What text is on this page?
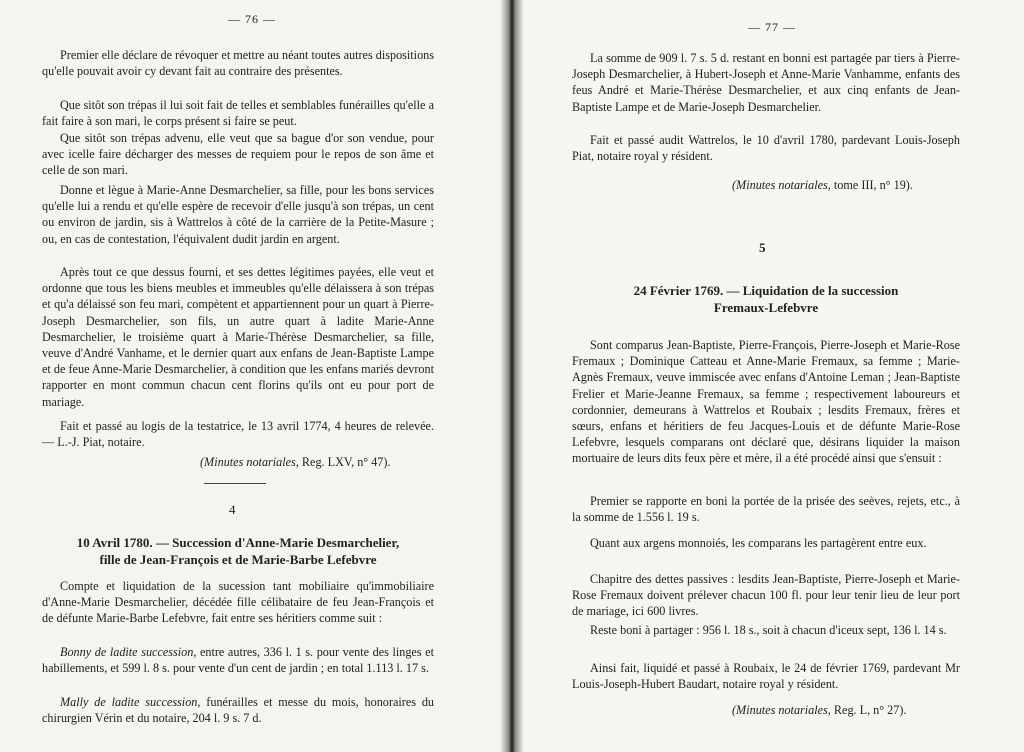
— 76 —

Premier elle déclare de révoquer et mettre au néant toutes autres dispositions qu'elle pouvait avoir cy devant fait au contraire des présentes.

Que sitôt son trépas il lui soit fait de telles et semblables funérailles qu'elle a fait faire à son mari, le corps présent si faire se peut.

Que sitôt son trépas advenu, elle veut que sa bague d'or son vendue, pour avec icelle faire décharger des messes de requiem pour le repos de son âme et celle de son mari.

Donne et lègue à Marie-Anne Desmarchelier, sa fille, pour les bons services qu'elle lui a rendu et qu'elle espère de recevoir d'elle jusqu'à son trépas, un cent ou environ de jardin, sis à Wattrelos à côté de la carrière de la Petite-Masure ; ou, en cas de contestation, l'équivalent dudit jardin en argent.

Après tout ce que dessus fourni, et ses dettes légitimes payées, elle veut et ordonne que tous les biens meubles et immeubles qu'elle délaissera à son trépas et qu'a délaissé son feu mari, compètent et appartiennent pour un quart à Pierre-Joseph Desmarchelier, son fils, un autre quart à ladite Marie-Anne Desmarchelier, le troisième quart à Marie-Thérèse Desmarchelier, sa fille, veuve d'André Vanhame, et le dernier quart aux enfans de Jean-Baptiste Lampe et de feue Anne-Marie Desmarchelier, à condition que les enfans mariés devront rapporter en mont commun chacun cent florins qu'ils ont eu pour port de mariage.

Fait et passé au logis de la testatrice, le 13 avril 1774, 4 heures de relevée. — L.-J. Piat, notaire.

(Minutes notariales, Reg. LXV, n° 47).

4

10 Avril 1780. — Succession d'Anne-Marie Desmarchelier,
fille de Jean-François et de Marie-Barbe Lefebvre

Compte et liquidation de la sucession tant mobiliaire qu'immobiliaire d'Anne-Marie Desmarchelier, décédée fille célibataire de feu Jean-François et de défunte Marie-Barbe Lefebvre, fait entre ses héritiers comme suit :

Bonny de ladite succession, entre autres, 336 l. 1 s. pour vente des linges et habillements, et 599 l. 8 s. pour vente d'un cent de jardin ; en total 1.113 l. 17 s.

Mally de ladite succession, funérailles et messe du mois, honoraires du chirurgien Vérin et du notaire, 204 l. 9 s. 7 d.

— 77 —

La somme de 909 l. 7 s. 5 d. restant en bonni est partagée par tiers à Pierre-Joseph Desmarchelier, à Hubert-Joseph et Anne-Marie Vanhamme, enfants des feus André et Marie-Thérèse Desmarchelier, et aux cinq enfants de Jean-Baptiste Lampe et de Marie-Joseph Desmarchelier.

Fait et passé audit Wattrelos, le 10 d'avril 1780, pardevant Louis-Joseph Piat, notaire royal y résident.

(Minutes notariales, tome III, n° 19).

5

24 Février 1769. — Liquidation de la succession
Fremaux-Lefebvre

Sont comparus Jean-Baptiste, Pierre-François, Pierre-Joseph et Marie-Rose Fremaux ; Dominique Catteau et Anne-Marie Fremaux, sa femme ; Marie-Agnès Fremaux, veuve immiscée avec enfans d'Antoine Leman ; Jean-Baptiste Frelier et Marie-Jeanne Fremaux, sa femme ; respectivement laboureurs et cordonnier, demeurans à Wattrelos et Roubaix ; lesdits Fremaux, frères et sœurs, enfans et héritiers de feu Jacques-Louis et de défunte Marie-Rose Lefebvre, lesquels comparans ont déclaré que, désirans liquider la maison mortuaire de leurs dits feux père et mère, il a été procédé ainsi que s'ensuit :

Premier se rapporte en boni la portée de la prisée des seèves, rejets, etc., à la somme de 1.556 l. 19 s.

Quant aux argens monnoiés, les comparans les partagèrent entre eux.

Chapitre des dettes passives : lesdits Jean-Baptiste, Pierre-Joseph et Marie-Rose Fremaux doivent prélever chacun 100 fl. pour leur tenir lieu de leur port de mariage, ici 600 livres.

Reste boni à partager : 956 l. 18 s., soit à chacun d'iceux sept, 136 l. 14 s.

Ainsi fait, liquidé et passé à Roubaix, le 24 de février 1769, pardevant Mr Louis-Joseph-Hubert Baudart, notaire royal y résident.

(Minutes notariales, Reg. L, n° 27).
